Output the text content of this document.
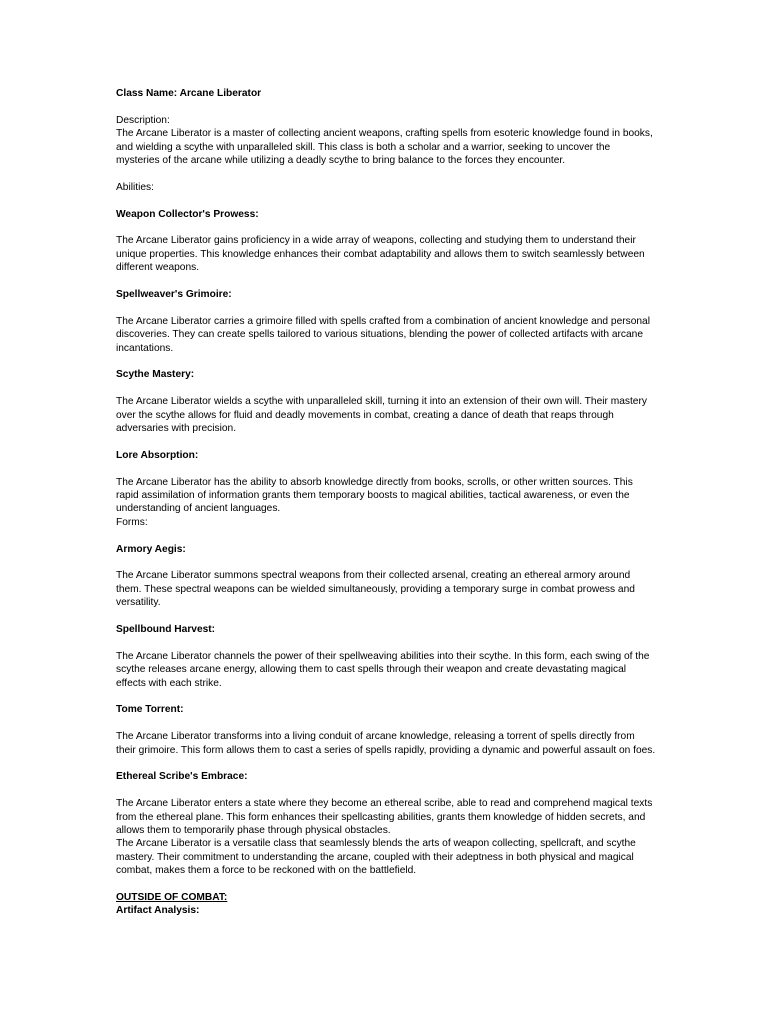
Class Name: Arcane Liberator

Description:

The Arcane Liberator is a master of collecting ancient weapons, crafting spells from esoteric knowledge found in books, and wielding a scythe with unparalleled skill. This class is both a scholar and a warrior, seeking to uncover the mysteries of the arcane while utilizing a deadly scythe to bring balance to the forces they encounter.

Abilities:

Weapon Collector's Prowess:

The Arcane Liberator gains proficiency in a wide array of weapons, collecting and studying them to understand their unique properties. This knowledge enhances their combat adaptability and allows them to switch seamlessly between different weapons.

Spellweaver's Grimoire:

The Arcane Liberator carries a grimoire filled with spells crafted from a combination of ancient knowledge and personal discoveries. They can create spells tailored to various situations, blending the power of collected artifacts with arcane incantations.

Scythe Mastery:

The Arcane Liberator wields a scythe with unparalleled skill, turning it into an extension of their own will. Their mastery over the scythe allows for fluid and deadly movements in combat, creating a dance of death that reaps through adversaries with precision.

Lore Absorption:

The Arcane Liberator has the ability to absorb knowledge directly from books, scrolls, or other written sources. This rapid assimilation of information grants them temporary boosts to magical abilities, tactical awareness, or even the understanding of ancient languages.

Forms:

Armory Aegis:

The Arcane Liberator summons spectral weapons from their collected arsenal, creating an ethereal armory around them. These spectral weapons can be wielded simultaneously, providing a temporary surge in combat prowess and versatility.

Spellbound Harvest:

The Arcane Liberator channels the power of their spellweaving abilities into their scythe. In this form, each swing of the scythe releases arcane energy, allowing them to cast spells through their weapon and create devastating magical effects with each strike.

Tome Torrent:

The Arcane Liberator transforms into a living conduit of arcane knowledge, releasing a torrent of spells directly from their grimoire. This form allows them to cast a series of spells rapidly, providing a dynamic and powerful assault on foes.

Ethereal Scribe's Embrace:

The Arcane Liberator enters a state where they become an ethereal scribe, able to read and comprehend magical texts from the ethereal plane. This form enhances their spellcasting abilities, grants them knowledge of hidden secrets, and allows them to temporarily phase through physical obstacles.

The Arcane Liberator is a versatile class that seamlessly blends the arts of weapon collecting, spellcraft, and scythe mastery. Their commitment to understanding the arcane, coupled with their adeptness in both physical and magical combat, makes them a force to be reckoned with on the battlefield.

OUTSIDE OF COMBAT:

Artifact Analysis:
